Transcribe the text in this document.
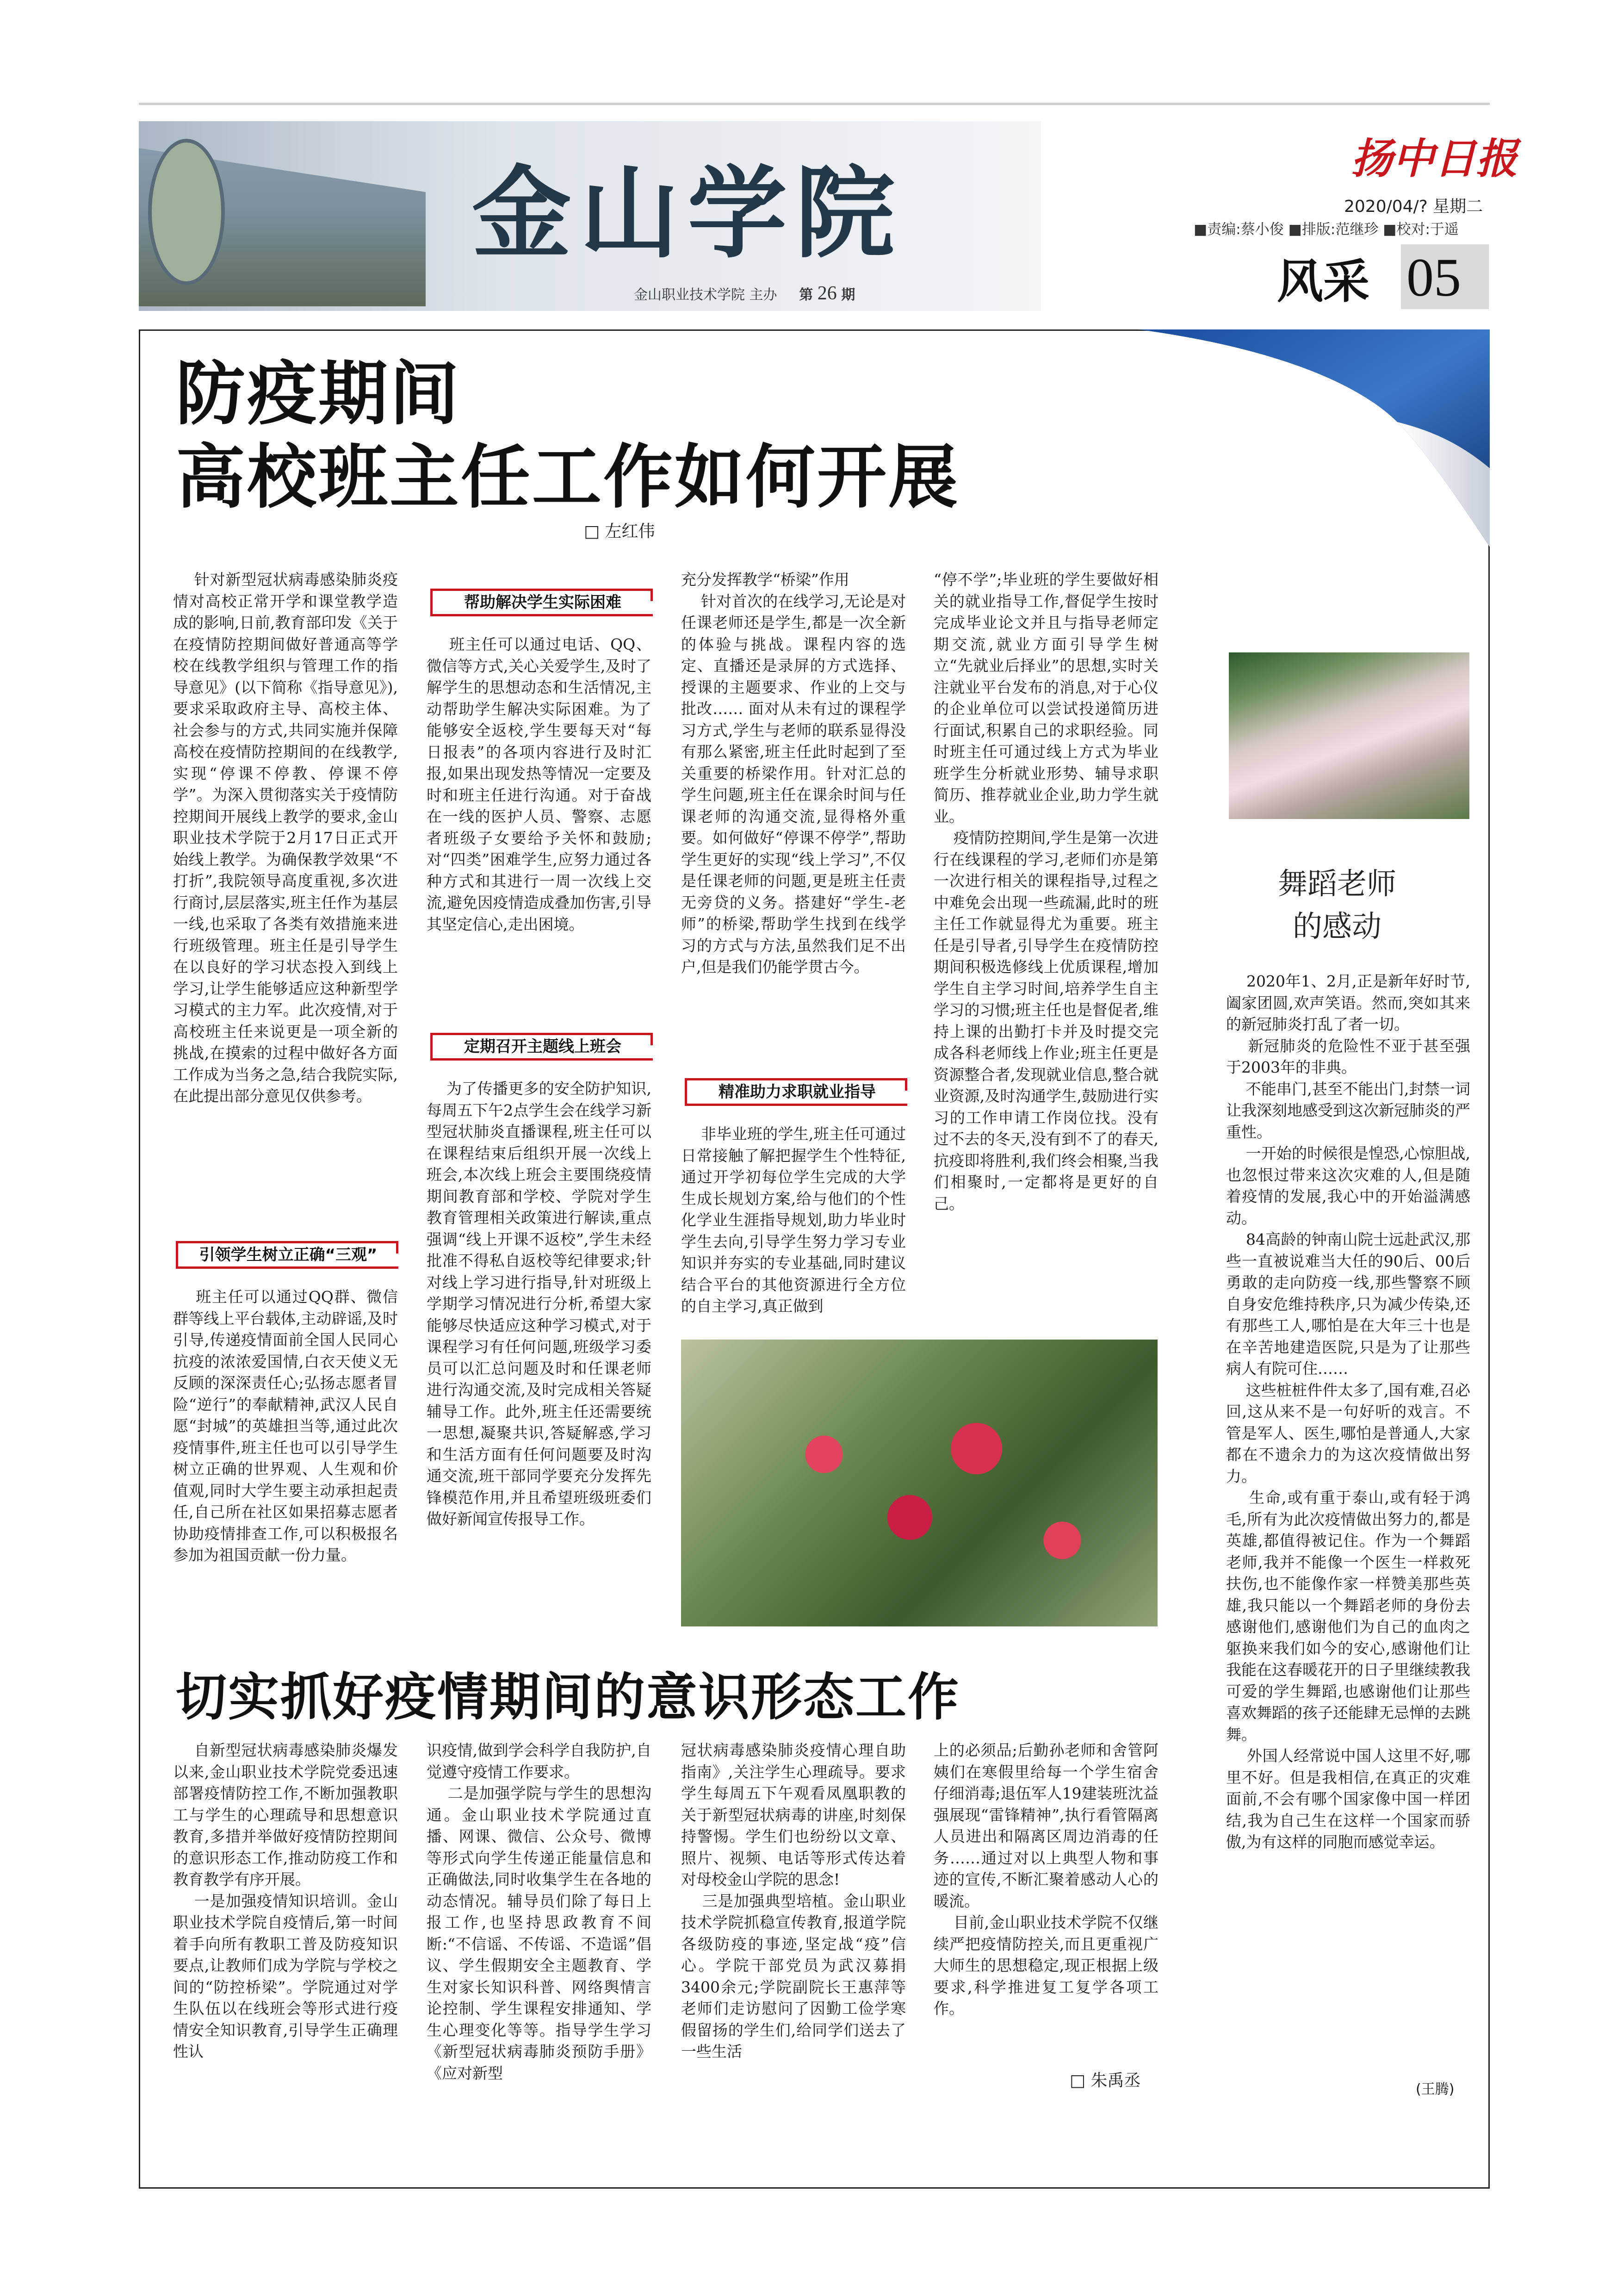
金山学院
金山职业技术学院 主办 第 26 期
扬中日报
2020/04/? 星期二
■责编:蔡小俊 ■排版:范继珍 ■校对:于遥
风采 05
防疫期间
高校班主任工作如何开展
□ 左红伟
针对新型冠状病毒感染肺炎疫情对高校正常开学和课堂教学造成的影响,日前,教育部印发《关于在疫情防控期间做好普通高等学校在线教学组织与管理工作的指导意见》(以下简称《指导意见》),要求采取政府主导、高校主体、社会参与的方式,共同实施并保障高校在疫情防控期间的在线教学,实现“停课不停教、停课不停学”。为深入贯彻落实关于疫情防控期间开展线上教学的要求,金山职业技术学院于2月17日正式开始线上教学。为确保教学效果“不打折”,我院领导高度重视,多次进行商讨,层层落实,班主任作为基层一线,也采取了各类有效措施来进行班级管理。班主任是引导学生在以良好的学习状态投入到线上学习,让学生能够适应这种新型学习模式的主力军。此次疫情,对于高校班主任来说更是一项全新的挑战,在摸索的过程中做好各方面工作成为当务之急,结合我院实际,在此提出部分意见仅供参考。
引领学生树立正确“三观”
班主任可以通过QQ群、微信群等线上平台载体,主动辟谣,及时引导,传递疫情面前全国人民同心抗疫的浓浓爱国情,白衣天使义无反顾的深深责任心;弘扬志愿者冒险“逆行”的奉献精神,武汉人民自愿“封城”的英雄担当等,通过此次疫情事件,班主任也可以引导学生树立正确的世界观、人生观和价值观,同时大学生要主动承担起责任,自己所在社区如果招募志愿者协助疫情排查工作,可以积极报名参加为祖国贡献一份力量。
帮助解决学生实际困难
班主任可以通过电话、QQ、微信等方式,关心关爱学生,及时了解学生的思想动态和生活情况,主动帮助学生解决实际困难。为了能够安全返校,学生要每天对“每日报表”的各项内容进行及时汇报,如果出现发热等情况一定要及时和班主任进行沟通。对于奋战在一线的医护人员、警察、志愿者班级子女要给予关怀和鼓励;对“四类”困难学生,应努力通过各种方式和其进行一周一次线上交流,避免因疫情造成叠加伤害,引导其坚定信心,走出困境。
定期召开主题线上班会
为了传播更多的安全防护知识,每周五下午2点学生会在线学习新型冠状肺炎直播课程,班主任可以在课程结束后组织开展一次线上班会,本次线上班会主要围绕疫情期间教育部和学校、学院对学生教育管理相关政策进行解读,重点强调“线上开课不返校”,学生未经批准不得私自返校等纪律要求;针对线上学习进行指导,针对班级上学期学习情况进行分析,希望大家能够尽快适应这种学习模式,对于课程学习有任何问题,班级学习委员可以汇总问题及时和任课老师进行沟通交流,及时完成相关答疑辅导工作。此外,班主任还需要统一思想,凝聚共识,答疑解惑,学习和生活方面有任何问题要及时沟通交流,班干部同学要充分发挥先锋模范作用,并且希望班级班委们做好新闻宣传报导工作。
充分发挥教学“桥梁”作用
针对首次的在线学习,无论是对任课老师还是学生,都是一次全新的体验与挑战。课程内容的选定、直播还是录屏的方式选择、授课的主题要求、作业的上交与批改…… 面对从未有过的课程学习方式,学生与老师的联系显得没有那么紧密,班主任此时起到了至关重要的桥梁作用。针对汇总的学生问题,班主任在课余时间与任课老师的沟通交流,显得格外重要。如何做好“停课不停学”,帮助学生更好的实现“线上学习”,不仅是任课老师的问题,更是班主任责无旁贷的义务。搭建好“学生-老师”的桥梁,帮助学生找到在线学习的方式与方法,虽然我们足不出户,但是我们仍能学贯古今。
精准助力求职就业指导
非毕业班的学生,班主任可通过日常接触了解把握学生个性特征,通过开学初每位学生完成的大学生成长规划方案,给与他们的个性化学业生涯指导规划,助力毕业时学生去向,引导学生努力学习专业知识并夯实的专业基础,同时建议结合平台的其他资源进行全方位的自主学习,真正做到
“停不学”;毕业班的学生要做好相关的就业指导工作,督促学生按时完成毕业论文并且与指导老师定期交流,就业方面引导学生树立“先就业后择业”的思想,实时关注就业平台发布的消息,对于心仪的企业单位可以尝试投递简历进行面试,积累自己的求职经验。同时班主任可通过线上方式为毕业班学生分析就业形势、辅导求职简历、推荐就业企业,助力学生就业。
疫情防控期间,学生是第一次进行在线课程的学习,老师们亦是第一次进行相关的课程指导,过程之中难免会出现一些疏漏,此时的班主任工作就显得尤为重要。班主任是引导者,引导学生在疫情防控期间积极选修线上优质课程,增加学生自主学习时间,培养学生自主学习的习惯;班主任也是督促者,维持上课的出勤打卡并及时提交完成各科老师线上作业;班主任更是资源整合者,发现就业信息,整合就业资源,及时沟通学生,鼓励进行实习的工作申请工作岗位找。没有过不去的冬天,没有到不了的春天,抗疫即将胜利,我们终会相聚,当我们相聚时,一定都将是更好的自己。
舞蹈老师
的感动
2020年1、2月,正是新年好时节,阖家团圆,欢声笑语。然而,突如其来的新冠肺炎打乱了者一切。
新冠肺炎的危险性不亚于甚至强于2003年的非典。
不能串门,甚至不能出门,封禁一词让我深刻地感受到这次新冠肺炎的严重性。
一开始的时候很是惶恐,心惊胆战,也忽恨过带来这次灾难的人,但是随着疫情的发展,我心中的开始溢满感动。
84高龄的钟南山院士远赴武汉,那些一直被说难当大任的90后、00后勇敢的走向防疫一线,那些警察不顾自身安危维持秩序,只为减少传染,还有那些工人,哪怕是在大年三十也是在辛苦地建造医院,只是为了让那些病人有院可住……
这些桩桩件件太多了,国有难,召必回,这从来不是一句好听的戏言。不管是军人、医生,哪怕是普通人,大家都在不遗余力的为这次疫情做出努力。
生命,或有重于泰山,或有轻于鸿毛,所有为此次疫情做出努力的,都是英雄,都值得被记住。作为一个舞蹈老师,我并不能像一个医生一样救死扶伤,也不能像作家一样赞美那些英雄,我只能以一个舞蹈老师的身份去感谢他们,感谢他们为自己的血肉之躯换来我们如今的安心,感谢他们让我能在这春暖花开的日子里继续教我可爱的学生舞蹈,也感谢他们让那些喜欢舞蹈的孩子还能肆无忌惮的去跳舞。
外国人经常说中国人这里不好,哪里不好。但是我相信,在真正的灾难面前,不会有哪个国家像中国一样团结,我为自己生在这样一个国家而骄傲,为有这样的同胞而感觉幸运。
(王腾)
切实抓好疫情期间的意识形态工作
自新型冠状病毒感染肺炎爆发以来,金山职业技术学院党委迅速部署疫情防控工作,不断加强教职工与学生的心理疏导和思想意识教育,多措并举做好疫情防控期间的意识形态工作,推动防疫工作和教育教学有序开展。
一是加强疫情知识培训。金山职业技术学院自疫情后,第一时间着手向所有教职工普及防疫知识要点,让教师们成为学院与学校之间的“防控桥梁”。学院通过对学生队伍以在线班会等形式进行疫情安全知识教育,引导学生正确理性认
识疫情,做到学会科学自我防护,自觉遵守疫情工作要求。
二是加强学院与学生的思想沟通。金山职业技术学院通过直播、网课、微信、公众号、微博等形式向学生传递正能量信息和正确做法,同时收集学生在各地的动态情况。辅导员们除了每日上报工作,也坚持思政教育不间断:“不信谣、不传谣、不造谣”倡议、学生假期安全主题教育、学生对家长知识科普、网络舆情言论控制、学生课程安排通知、学生心理变化等等。指导学生学习《新型冠状病毒肺炎预防手册》《应对新型
冠状病毒感染肺炎疫情心理自助指南》,关注学生心理疏导。要求学生每周五下午观看凤凰职教的关于新型冠状病毒的讲座,时刻保持警惕。学生们也纷纷以文章、照片、视频、电话等形式传达着对母校金山学院的思念!
三是加强典型培植。金山职业技术学院抓稳宣传教育,报道学院各级防疫的事迹,坚定战“疫”信心。学院干部党员为武汉募捐3400余元;学院副院长王惠萍等老师们走访慰问了因勤工俭学寒假留扬的学生们,给同学们送去了一些生活
上的必须品;后勤孙老师和舍管阿姨们在寒假里给每一个学生宿舍仔细消毒;退伍军人19建装班沈益强展现“雷锋精神”,执行看管隔离人员进出和隔离区周边消毒的任务……通过对以上典型人物和事迹的宣传,不断汇聚着感动人心的暖流。
目前,金山职业技术学院不仅继续严把疫情防控关,而且更重视广大师生的思想稳定,现正根据上级要求,科学推进复工复学各项工作。
□ 朱禹丞
